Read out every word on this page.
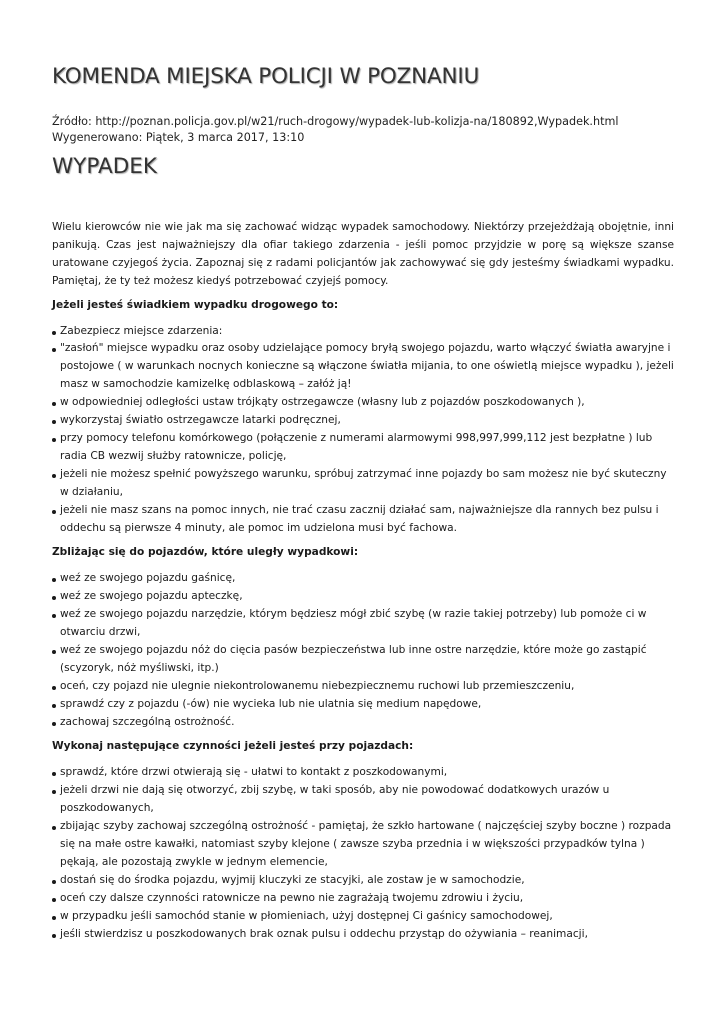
KOMENDA MIEJSKA POLICJI W POZNANIU
Źródło: http://poznan.policja.gov.pl/w21/ruch-drogowy/wypadek-lub-kolizja-na/180892,Wypadek.html
Wygenerowano: Piątek, 3 marca 2017, 13:10
WYPADEK

Wielu kierowców nie wie jak ma się zachować widząc wypadek samochodowy. Niektórzy przejeżdżają obojętnie, inni panikują. Czas jest najważniejszy dla ofiar takiego zdarzenia - jeśli pomoc przyjdzie w porę są większe szanse uratowane czyjegoś życia. Zapoznaj się z radami policjantów jak zachowywać się gdy jesteśmy świadkami wypadku. Pamiętaj, że ty też możesz kiedyś potrzebować czyjejś pomocy.

Jeżeli jesteś świadkiem wypadku drogowego to:

Zabezpiecz miejsce zdarzenia:
"zasłoń" miejsce wypadku oraz osoby udzielające pomocy bryłą swojego pojazdu, warto włączyć światła awaryjne i postojowe ( w warunkach nocnych konieczne są włączone światła mijania, to one oświetlą miejsce wypadku ), jeżeli masz w samochodzie kamizelkę odblaskową – załóż ją!
w odpowiedniej odległości ustaw trójkąty ostrzegawcze (własny lub z pojazdów poszkodowanych ),
wykorzystaj światło ostrzegawcze latarki podręcznej,
przy pomocy telefonu komórkowego (połączenie z numerami alarmowymi 998,997,999,112 jest bezpłatne ) lub radia CB wezwij służby ratownicze, policję,
jeżeli nie możesz spełnić powyższego warunku, spróbuj zatrzymać inne pojazdy bo sam możesz nie być skuteczny w działaniu,
jeżeli nie masz szans na pomoc innych, nie trać czasu zacznij działać sam, najważniejsze dla rannych bez pulsu i oddechu są pierwsze 4 minuty, ale pomoc im udzielona musi być fachowa.

Zbliżając się do pojazdów, które uległy wypadkowi:

weź ze swojego pojazdu gaśnicę,
weź ze swojego pojazdu apteczkę,
weź ze swojego pojazdu narzędzie, którym będziesz mógł zbić szybę (w razie takiej potrzeby) lub pomoże ci w otwarciu drzwi,
weź ze swojego pojazdu nóż do cięcia pasów bezpieczeństwa lub inne ostre narzędzie, które może go zastąpić (scyzoryk, nóż myśliwski, itp.)
oceń, czy pojazd nie ulegnie niekontrolowanemu niebezpiecznemu ruchowi lub przemieszczeniu,
sprawdź czy z pojazdu (-ów) nie wycieka lub nie ulatnia się medium napędowe,
zachowaj szczególną ostrożność.

Wykonaj następujące czynności jeżeli jesteś przy pojazdach:

sprawdź, które drzwi otwierają się - ułatwi to kontakt z poszkodowanymi,
jeżeli drzwi nie dają się otworzyć, zbij szybę, w taki sposób, aby nie powodować dodatkowych urazów u poszkodowanych,
zbijając szyby zachowaj szczególną ostrożność - pamiętaj, że szkło hartowane ( najczęściej szyby boczne ) rozpada się na małe ostre kawałki, natomiast szyby klejone ( zawsze szyba przednia i w większości przypadków tylna ) pękają, ale pozostają zwykle w jednym elemencie,
dostań się do środka pojazdu, wyjmij kluczyki ze stacyjki, ale zostaw je w samochodzie,
oceń czy dalsze czynności ratownicze na pewno nie zagrażają twojemu zdrowiu i życiu,
w przypadku jeśli samochód stanie w płomieniach, użyj dostępnej Ci gaśnicy samochodowej,
jeśli stwierdzisz u poszkodowanych brak oznak pulsu i oddechu przystąp do ożywiania – reanimacji,
